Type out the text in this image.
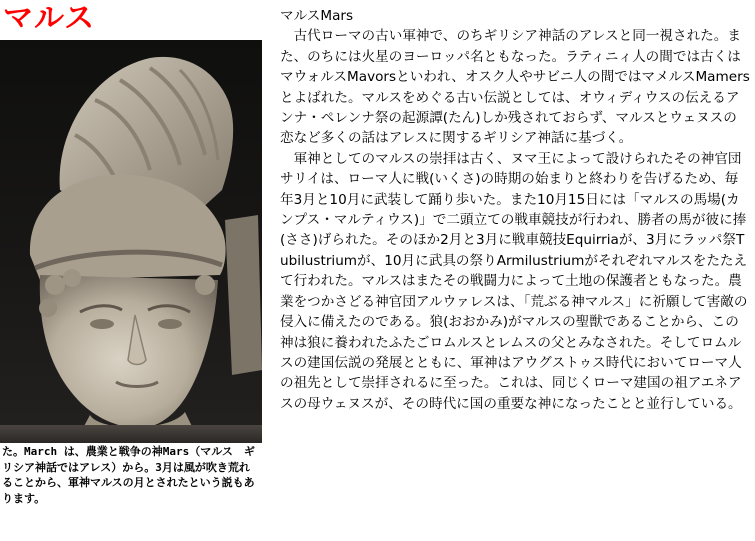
マルス

た。March は、農業と戦争の神Mars（マルス　ギリシア神話ではアレス）から。3月は風が吹き荒れることから、軍神マルスの月とされたという説もあります。

マルスMars

古代ローマの古い軍神で、のちギリシア神話のアレスと同一視された。また、のちには火星のヨーロッパ名ともなった。ラティニィ人の間では古くはマウォルスMavorsといわれ、オスク人やサビニ人の間ではマメルスMamersとよばれた。マルスをめぐる古い伝説としては、オウィディウスの伝えるアンナ・ペレンナ祭の起源譚(たん)しか残されておらず、マルスとウェヌスの恋など多くの話はアレスに関するギリシア神話に基づく。

軍神としてのマルスの崇拝は古く、ヌマ王によって設けられたその神官団サリイは、ローマ人に戦(いくさ)の時期の始まりと終わりを告げるため、毎年3月と10月に武装して踊り歩いた。また10月15日には「マルスの馬場(カンプス・マルティウス)」で二頭立ての戦車競技が行われ、勝者の馬が彼に捧(ささ)げられた。そのほか2月と3月に戦車競技Equirriaが、3月にラッパ祭Tubilustriumが、10月に武具の祭りArmilustriumがそれぞれマルスをたたえて行われた。マルスはまたその戦闘力によって土地の保護者ともなった。農業をつかさどる神官団アルウァレスは、「荒ぶる神マルス」に祈願して害敵の侵入に備えたのである。狼(おおかみ)がマルスの聖獣であることから、この神は狼に養われたふたごロムルスとレムスの父とみなされた。そしてロムルスの建国伝説の発展とともに、軍神はアウグストゥス時代においてローマ人の祖先として崇拝されるに至った。これは、同じくローマ建国の祖アエネアスの母ウェヌスが、その時代に国の重要な神になったことと並行している。
